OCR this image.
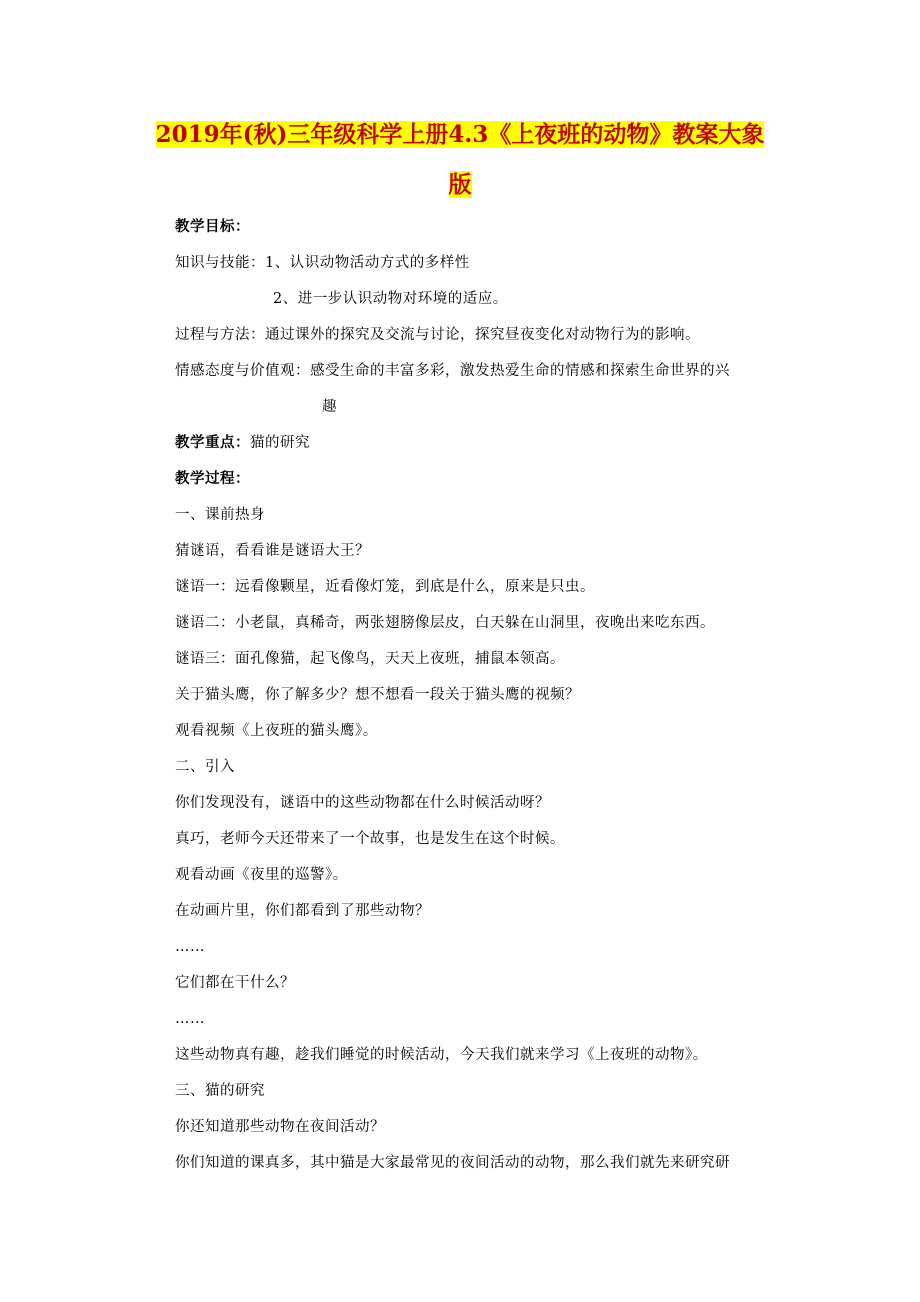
2019年(秋)三年级科学上册4.3《上夜班的动物》教案大象
版
教学目标：
知识与技能：1、认识动物活动方式的多样性
2、进一步认识动物对环境的适应。
过程与方法：通过课外的探究及交流与讨论，探究昼夜变化对动物行为的影响。
情感态度与价值观：感受生命的丰富多彩，激发热爱生命的情感和探索生命世界的兴
趣
教学重点：猫的研究
教学过程：
一、课前热身
猜谜语，看看谁是谜语大王？
谜语一：远看像颗星，近看像灯笼，到底是什么，原来是只虫。
谜语二：小老鼠，真稀奇，两张翅膀像层皮，白天躲在山洞里，夜晚出来吃东西。
谜语三：面孔像猫，起飞像鸟，天天上夜班，捕鼠本领高。
关于猫头鹰，你了解多少？想不想看一段关于猫头鹰的视频？
观看视频《上夜班的猫头鹰》。
二、引入
你们发现没有，谜语中的这些动物都在什么时候活动呀？
真巧，老师今天还带来了一个故事，也是发生在这个时候。
观看动画《夜里的巡警》。
在动画片里，你们都看到了那些动物？
……
它们都在干什么？
……
这些动物真有趣，趁我们睡觉的时候活动，今天我们就来学习《上夜班的动物》。
三、猫的研究
你还知道那些动物在夜间活动？
你们知道的课真多，其中猫是大家最常见的夜间活动的动物，那么我们就先来研究研
